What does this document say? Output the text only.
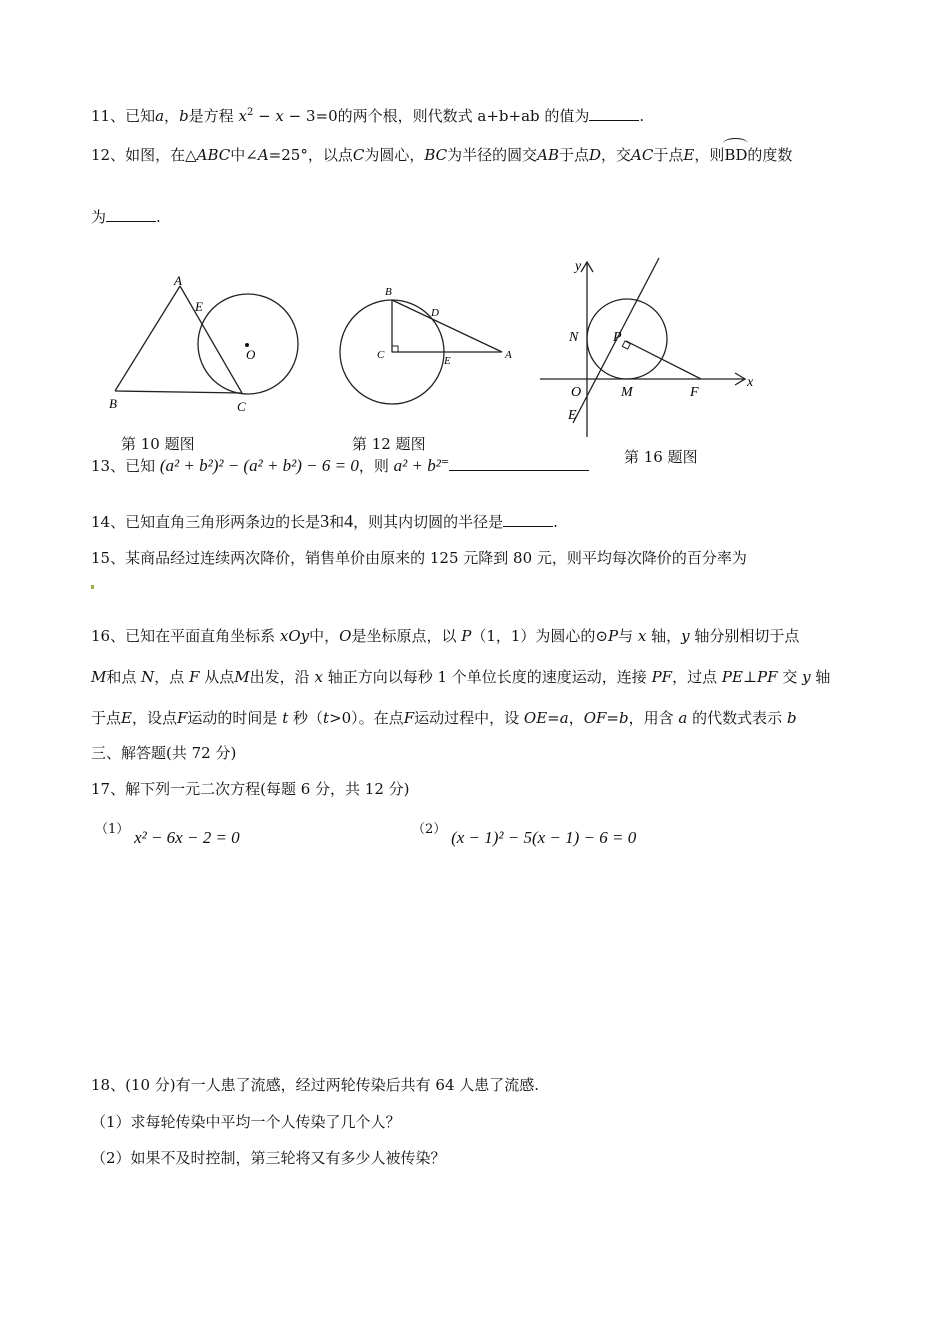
11、已知a，b是方程 $x^2 - x - 3=0$的两个根，则代数式 a+b+ab 的值为	.
12、如图，在△ABC中∠A=25°，以点C为圆心，BC为半径的圆交AB于点D，交AC于点E，则BD的度数
为	.
A
E
O
B	C
第 10 题图
B
D
C	E	A
第 12 题图
y
N P
O	M	F
x
E
第 16 题图
13、已知 (a² + b²)² − (a² + b²) − 6 = 0，则 a² + b²=
14、已知直角三角形两条边的长是3和4，则其内切圆的半径是	.
15、某商品经过连续两次降价，销售单价由原来的 125 元降到 80 元，则平均每次降价的百分率为
16、已知在平面直角坐标系 xOy中，O是坐标原点，以 P（1，1）为圆心的⊙P与 x 轴，y 轴分别相切于点
M和点 N，点 F 从点M出发，沿 x 轴正方向以每秒 1 个单位长度的速度运动，连接 PF，过点 PE⊥PF 交 y 轴
于点E，设点F运动的时间是 t 秒（t>0）。在点F运动过程中，设 OE=a，OF=b，用含 a 的代数式表示 b
三、解答题(共 72 分)
17、解下列一元二次方程(每题 6 分，共 12 分)
（1） x² − 6x − 2 = 0	（2） (x − 1)² − 5(x − 1) − 6 = 0
18、(10 分)有一人患了流感，经过两轮传染后共有 64 人患了流感.
（1）求每轮传染中平均一个人传染了几个人？
（2）如果不及时控制，第三轮将又有多少人被传染？
